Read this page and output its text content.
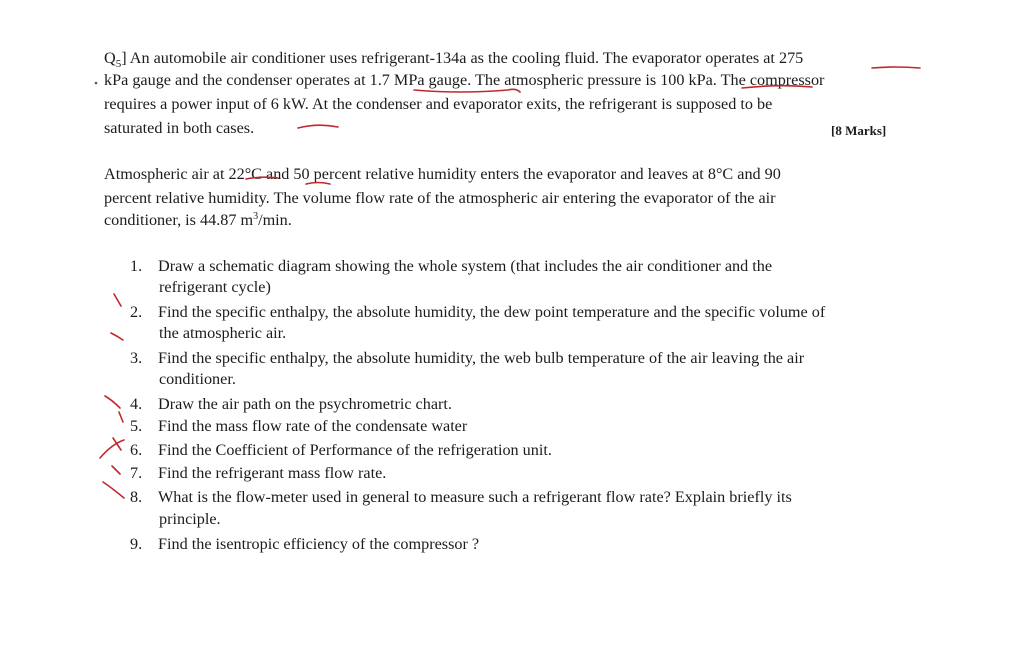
$Q_5$] An automobile air conditioner uses refrigerant-134a as the cooling fluid. The evaporator operates at 275

kPa gauge and the condenser operates at 1.7 MPa gauge. The atmospheric pressure is 100 kPa. The compressor

requires a power input of 6 kW. At the condenser and evaporator exits, the refrigerant is supposed to be

saturated in both cases.	[8 Marks]

Atmospheric air at 22°C and 50 percent relative humidity enters the evaporator and leaves at 8°C and 90

percent relative humidity. The volume flow rate of the atmospheric air entering the evaporator of the air

conditioner, is 44.87 $m^3/\min$.

1. Draw a schematic diagram showing the whole system (that includes the air conditioner and the
refrigerant cycle)
2. Find the specific enthalpy, the absolute humidity, the dew point temperature and the specific volume of
the atmospheric air.
3. Find the specific enthalpy, the absolute humidity, the web bulb temperature of the air leaving the air
conditioner.
4. Draw the air path on the psychrometric chart.
5. Find the mass flow rate of the condensate water
6. Find the Coefficient of Performance of the refrigeration unit.
7. Find the refrigerant mass flow rate.
8. What is the flow-meter used in general to measure such a refrigerant flow rate? Explain briefly its
principle.
9. Find the isentropic efficiency of the compressor ?
